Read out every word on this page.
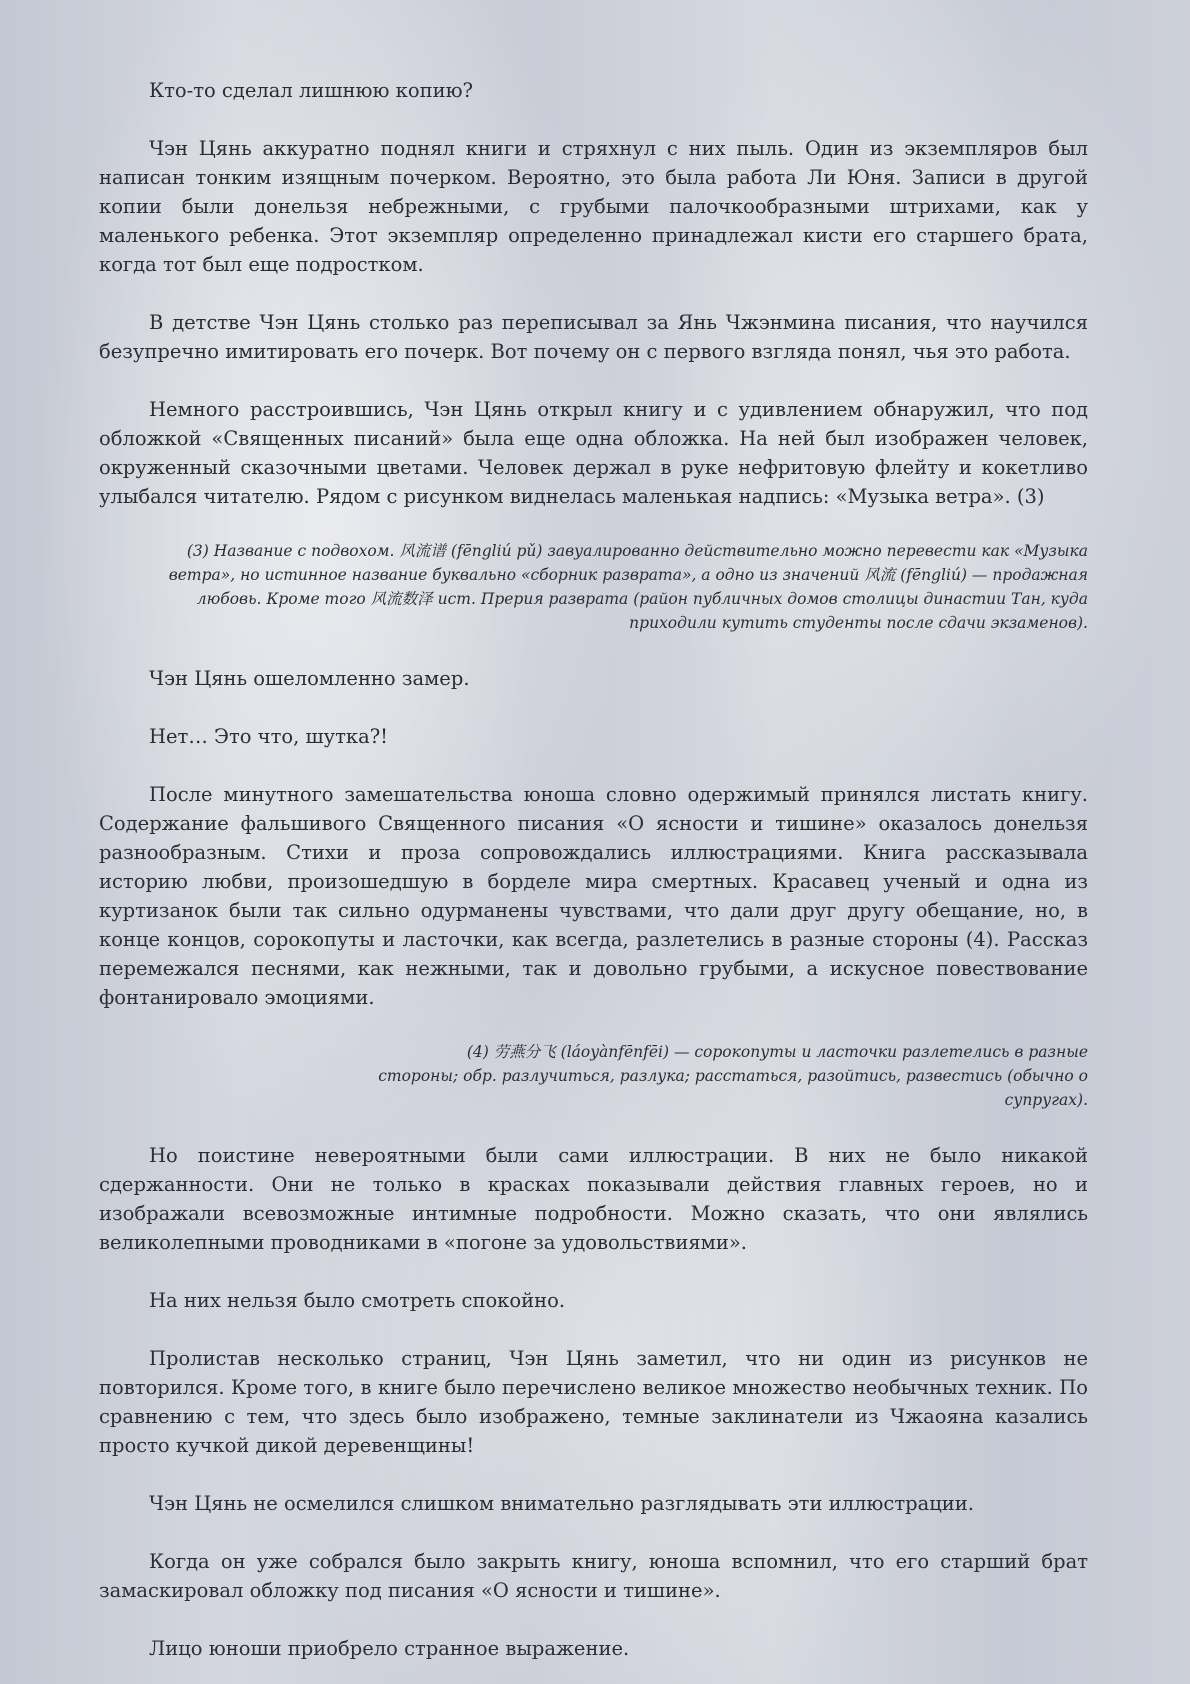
Кто-то сделал лишнюю копию?

Чэн Цянь аккуратно поднял книги и стряхнул с них пыль. Один из экземпляров был написан тонким изящным почерком. Вероятно, это была работа Ли Юня. Записи в другой копии были донельзя небрежными, с грубыми палочкообразными штрихами, как у маленького ребенка. Этот экземпляр определенно принадлежал кисти его старшего брата, когда тот был еще подростком.

В детстве Чэн Цянь столько раз переписывал за Янь Чжэнмина писания, что научился безупречно имитировать его почерк. Вот почему он с первого взгляда понял, чья это работа.

Немного расстроившись, Чэн Цянь открыл книгу и с удивлением обнаружил, что под обложкой «Священных писаний» была еще одна обложка. На ней был изображен человек, окруженный сказочными цветами. Человек держал в руке нефритовую флейту и кокетливо улыбался читателю. Рядом с рисунком виднелась маленькая надпись: «Музыка ветра». (3)

(3) Название с подвохом. 风流谱 (fēngliú pǔ) завуалированно действительно можно перевести как «Музыка ветра», но истинное название буквально «сборник разврата», а одно из значений 风流 (fēngliú) — продажная любовь. Кроме того 风流数泽 ист. Прерия разврата (район публичных домов столицы династии Тан, куда приходили кутить студенты после сдачи экзаменов).

Чэн Цянь ошеломленно замер.

Нет… Это что, шутка?!

После минутного замешательства юноша словно одержимый принялся листать книгу. Содержание фальшивого Священного писания «О ясности и тишине» оказалось донельзя разнообразным. Стихи и проза сопровождались иллюстрациями. Книга рассказывала историю любви, произошедшую в борделе мира смертных. Красавец ученый и одна из куртизанок были так сильно одурманены чувствами, что дали друг другу обещание, но, в конце концов, сорокопуты и ласточки, как всегда, разлетелись в разные стороны (4). Рассказ перемежался песнями, как нежными, так и довольно грубыми, а искусное повествование фонтанировало эмоциями.

(4) 劳燕分飞 (láoyànfēnfēi) — сорокопуты и ласточки разлетелись в разные стороны; обр. разлучиться, разлука; расстаться, разойтись, развестись (обычно о супругах).

Но поистине невероятными были сами иллюстрации. В них не было никакой сдержанности. Они не только в красках показывали действия главных героев, но и изображали всевозможные интимные подробности. Можно сказать, что они являлись великолепными проводниками в «погоне за удовольствиями».

На них нельзя было смотреть спокойно.

Пролистав несколько страниц, Чэн Цянь заметил, что ни один из рисунков не повторился. Кроме того, в книге было перечислено великое множество необычных техник. По сравнению с тем, что здесь было изображено, темные заклинатели из Чжаояна казались просто кучкой дикой деревенщины!

Чэн Цянь не осмелился слишком внимательно разглядывать эти иллюстрации.

Когда он уже собрался было закрыть книгу, юноша вспомнил, что его старший брат замаскировал обложку под писания «О ясности и тишине».

Лицо юноши приобрело странное выражение.
